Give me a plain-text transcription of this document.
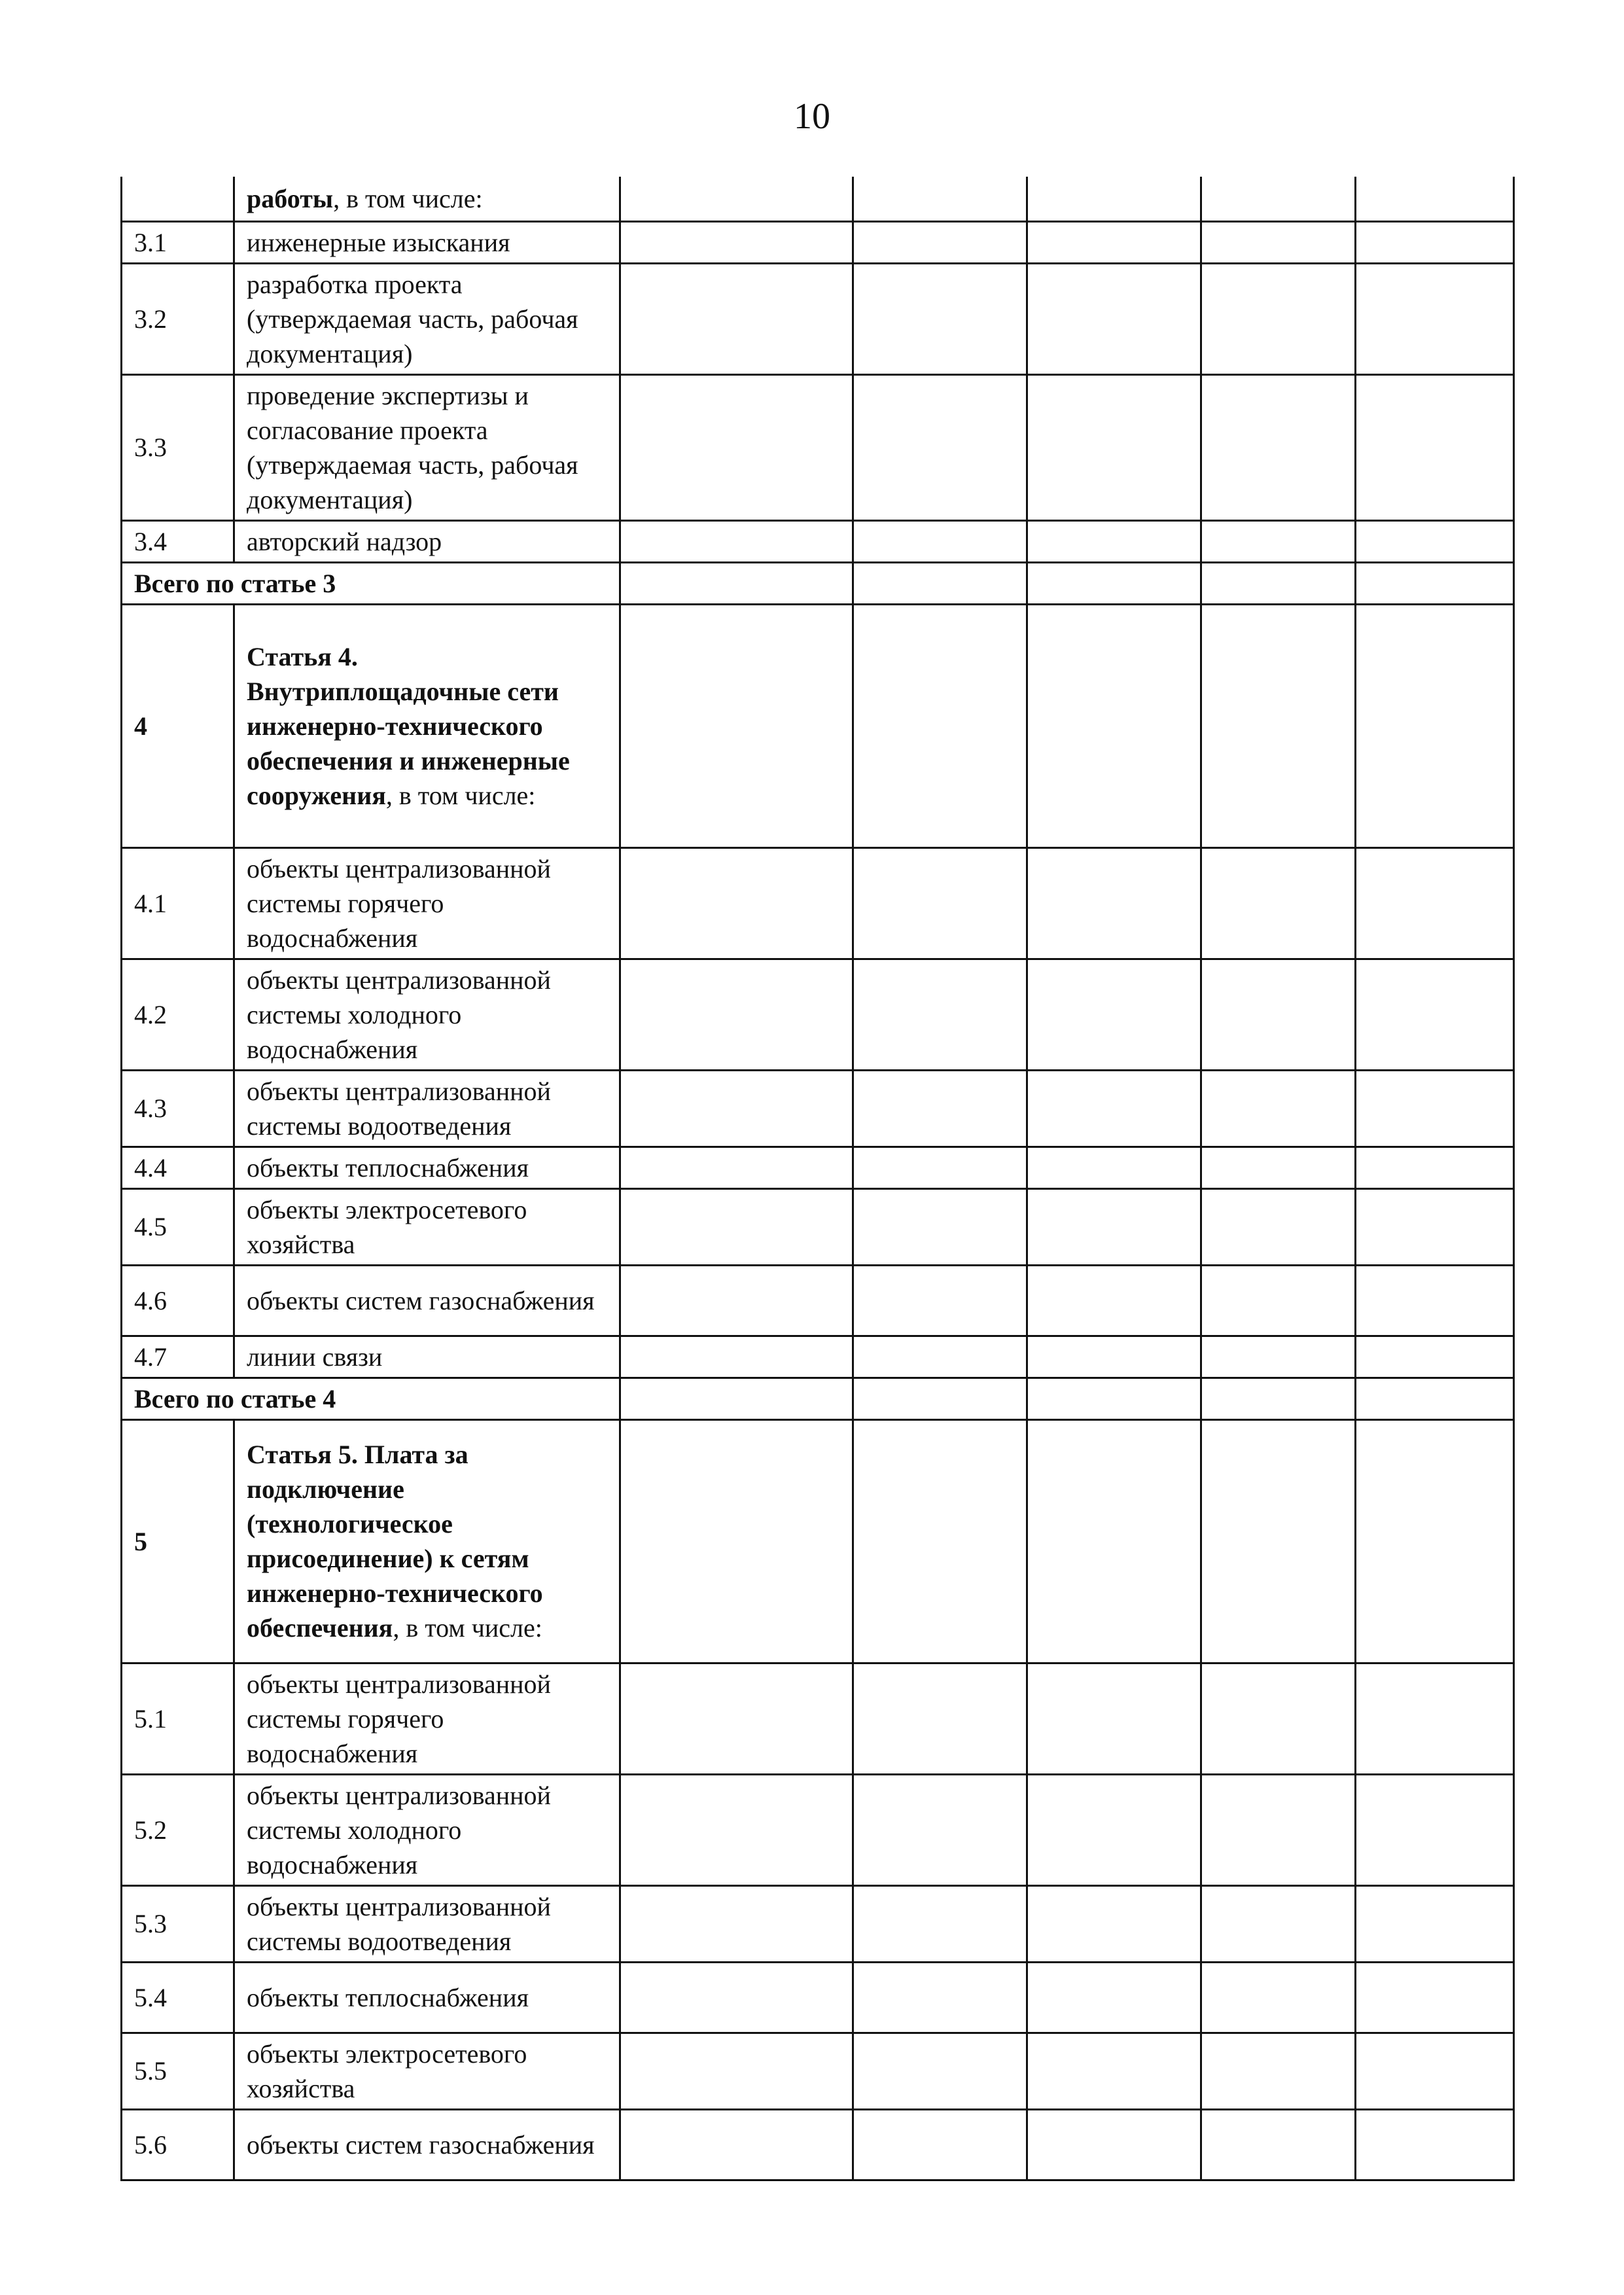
10
	работы, в том числе:					
3.1	инженерные изыскания					
3.2	разработка проекта (утверждаемая часть, рабочая документация)					
3.3	проведение экспертизы и согласование проекта (утверждаемая часть, рабочая документация)					
3.4	авторский надзор					
Всего по статье 3						
4	Статья 4. Внутриплощадочные сети инженерно-технического обеспечения и инженерные сооружения, в том числе:					
4.1	объекты централизованной системы горячего водоснабжения					
4.2	объекты централизованной системы холодного водоснабжения					
4.3	объекты централизованной системы водоотведения					
4.4	объекты теплоснабжения					
4.5	объекты электросетевого хозяйства					
4.6	объекты систем газоснабжения					
4.7	линии связи					
Всего по статье 4						
5	Статья 5. Плата за подключение (технологическое присоединение) к сетям инженерно-технического обеспечения, в том числе:					
5.1	объекты централизованной системы горячего водоснабжения					
5.2	объекты централизованной системы холодного водоснабжения					
5.3	объекты централизованной системы водоотведения					
5.4	объекты теплоснабжения					
5.5	объекты электросетевого хозяйства					
5.6	объекты систем газоснабжения					
